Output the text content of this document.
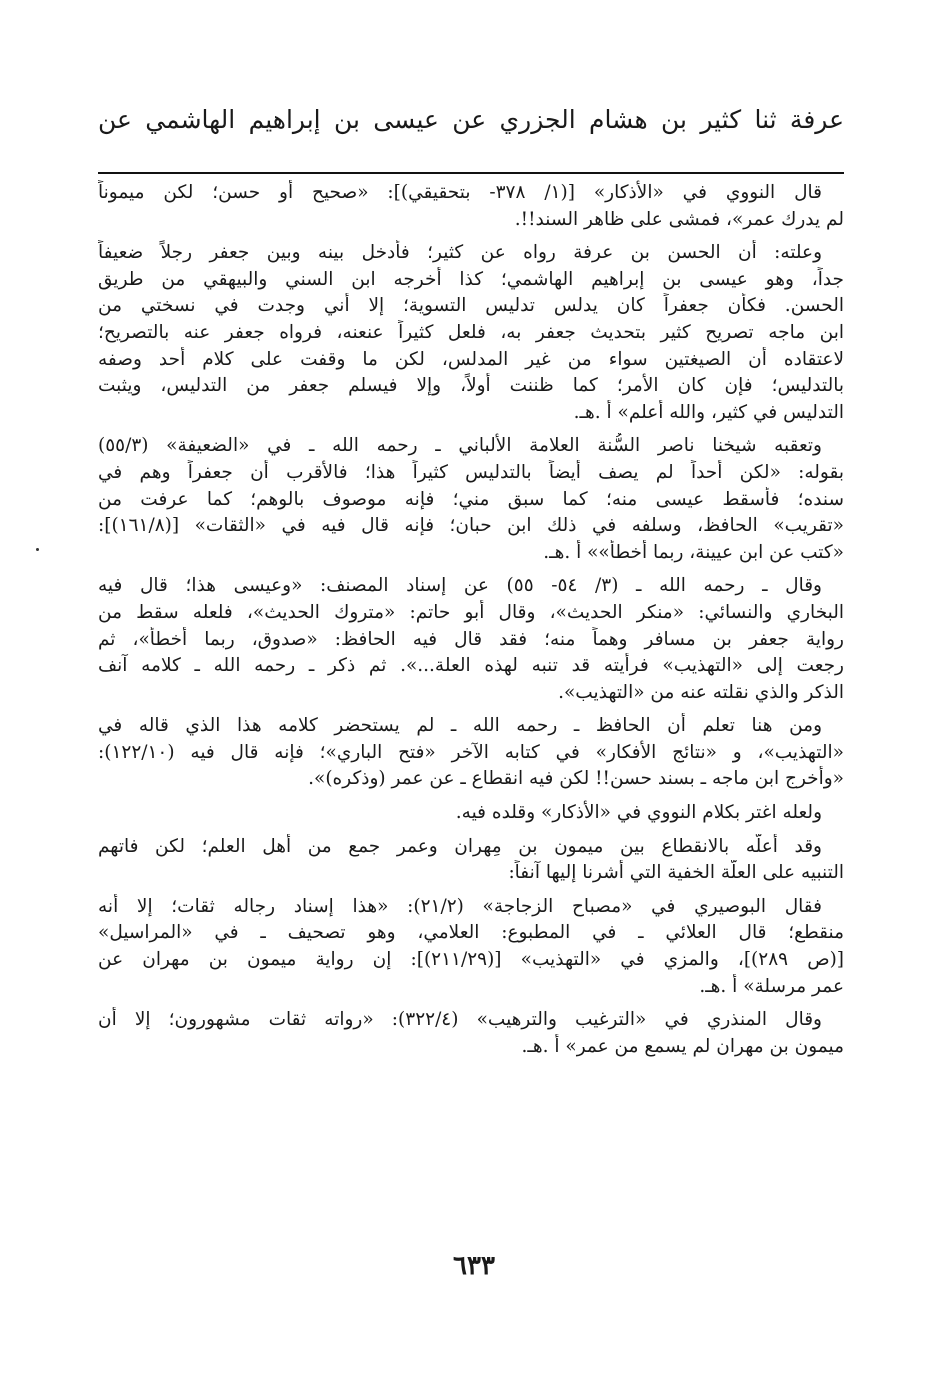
عرفة ثنا كثير بن هشام الجزري عن عيسى بن إبراهيم الهاشمي عن

قال النووي في «الأذكار» [(١/ ٣٧٨- بتحقيقي)]: «صحيح أو حسن؛ لكن ميموناً
لم يدرك عمر»، فمشى على ظاهر السند!!.

وعلته: أن الحسن بن عرفة رواه عن كثير؛ فأدخل بينه وبين جعفر رجلاً ضعيفاً
جداً، وهو عيسى بن إبراهيم الهاشمي؛ كذا أخرجه ابن السني والبيهقي من طريق
الحسن. فكأن جعفراً كان يدلس تدليس التسوية؛ إلا أني وجدت في نسختي من
ابن ماجه تصريح كثير بتحديث جعفر به، فلعل كثيراً عنعنه، فرواه جعفر عنه بالتصريح؛
لاعتقاده أن الصيغتين سواء من غير المدلس، لكن ما وقفت على كلام أحد وصفه
بالتدليس؛ فإن كان الأمر؛ كما ظننت أولاً، وإلا فيسلم جعفر من التدليس، ويثبت
التدليس في كثير، والله أعلم» أ .هـ.

وتعقبه شيخنا ناصر السُّنة العلامة الألباني ـ رحمه الله ـ في «الضعيفة» (٥٥/٣)
بقوله: «لكن أحداً لم يصف أيضاً بالتدليس كثيراً هذا؛ فالأقرب أن جعفراً وهم في
سنده؛ فأسقط عيسى منه؛ كما سبق مني؛ فإنه موصوف بالوهم؛ كما عرفت من
«تقريب» الحافظ، وسلفه في ذلك ابن حبان؛ فإنه قال فيه في «الثقات» [(١٦١/٨)]:
«كتب عن ابن عيينة، ربما أخطأ»» أ .هـ.

وقال ـ رحمه الله ـ (٣/ ٥٤- ٥٥) عن إسناد المصنف: «وعيسى هذا؛ قال فيه
البخاري والنسائي: «منكر الحديث»، وقال أبو حاتم: «متروك الحديث»، فلعله سقط من
رواية جعفر بن مسافر وهماً منه؛ فقد قال فيه الحافظ: «صدوق، ربما أخطأ»، ثم
رجعت إلى «التهذيب» فرأيته قد تنبه لهذه العلة...». ثم ذكر ـ رحمه الله ـ كلامه آنف
الذكر والذي نقلته عنه من «التهذيب».

ومن هنا تعلم أن الحافظ ـ رحمه الله ـ لم يستحضر كلامه هذا الذي قاله في
«التهذيب»، و «نتائج الأفكار» في كتابه الآخر «فتح الباري»؛ فإنه قال فيه (١٢٢/١٠):
«وأخرج ابن ماجه ـ بسند حسن!! لكن فيه انقطاع ـ عن عمر (وذكره)».

ولعله اغتر بكلام النووي في «الأذكار» وقلده فيه.

وقد أعلَّه بالانقطاع بين ميمون بن مِهران وعمر جمع من أهل العلم؛ لكن فاتهم
التنبيه على العلَّة الخفية التي أشرنا إليها آنفاً:

فقال البوصيري في «مصباح الزجاجة» (٢١/٢): «هذا إسناد رجاله ثقات؛ إلا أنه
منقطع؛ قال العلائي ـ في المطبوع: العلامي، وهو تصحيف ـ في «المراسيل»
[(ص ٢٨٩)]، والمزي في «التهذيب» [(٢١١/٢٩)]: إن رواية ميمون بن مهران عن
عمر مرسلة» أ .هـ.

وقال المنذري في «الترغيب والترهيب» (٣٢٢/٤): «رواته ثقات مشهورون؛ إلا أن
ميمون بن مهران لم يسمع من عمر» أ .هـ.

٦٣٣
